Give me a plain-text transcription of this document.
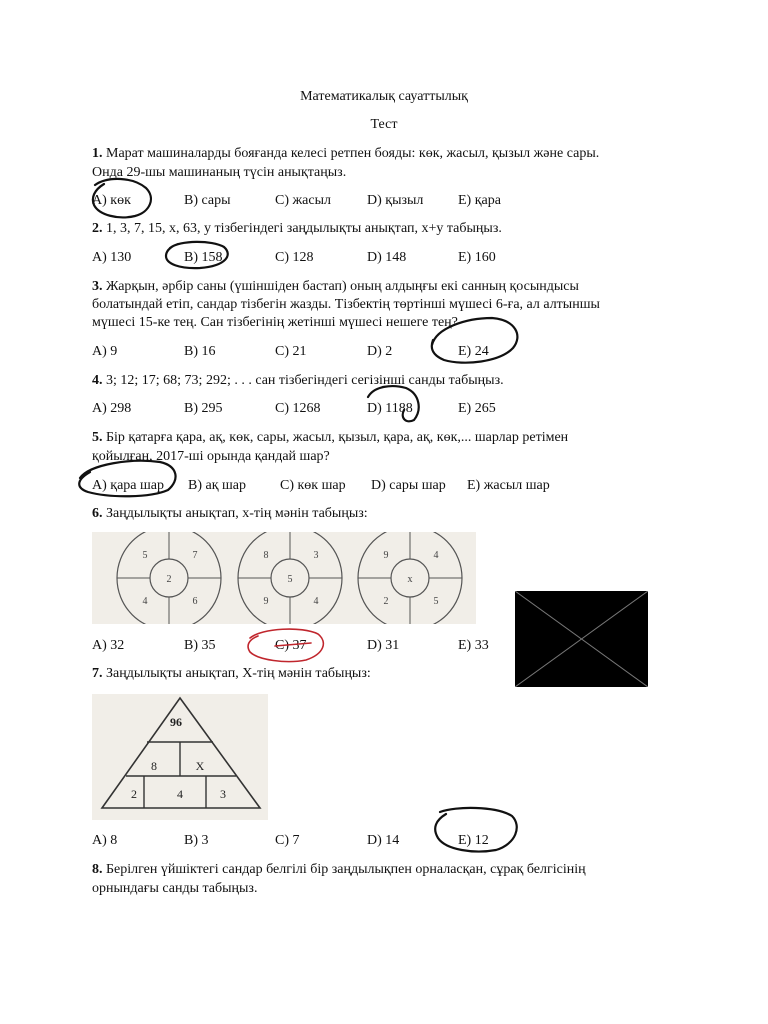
Математикалық сауаттылық
Тест
1. Марат машиналарды бояғанда келесі ретпен бояды: көк, жасыл, қызыл және сары.
Онда 29-шы машинаның түсін анықтаңыз.
A) көк	B) сары	C) жасыл	D) қызыл E) қара
2. 1, 3, 7, 15, x, 63, y тізбегіндегі заңдылықты анықтап, x+y табыңыз.
A) 130	B) 158	C) 128	D) 148	E) 160
3. Жарқын, әрбір саны (үшіншіден бастап) оның алдыңғы екі санның қосындысы
болатындай етіп, сандар тізбегін жазды. Тізбектің төртінші мүшесі 6-ға, ал алтыншы
мүшесі 15-ке тең. Сан тізбегінің жетінші мүшесі нешеге тең?
A) 9	B) 16	C) 21	D) 2	E) 24
4. 3; 12; 17; 68; 73; 292; . . . сан тізбегіндегі сегізінші санды табыңыз.
A) 298	B) 295	C) 1268	D) 1188	E) 265
5. Бір қатарға қара, ақ, көк, сары, жасыл, қызыл, қара, ақ, көк,... шарлар ретімен
қойылған, 2017-ші орында қандай шар?
A) қара шар B) ақ шар C) көк шар D) сары шар E) жасыл шар
6. Заңдылықты анықтап, x-тің мәнін табыңыз:
2
5	7
4	6
5
8	3
9	4
x
9	4
2	5
A) 32	B) 35	C) 37	D) 31	E) 33
7. Заңдылықты анықтап, X-тің мәнін табыңыз:
96
8	X
2	4	3
A) 8	B) 3	C) 7	D) 14	E) 12
8. Берілген үйшіктегі сандар белгілі бір заңдылықпен орналасқан, сұрақ белгісінің
орнындағы санды табыңыз.
